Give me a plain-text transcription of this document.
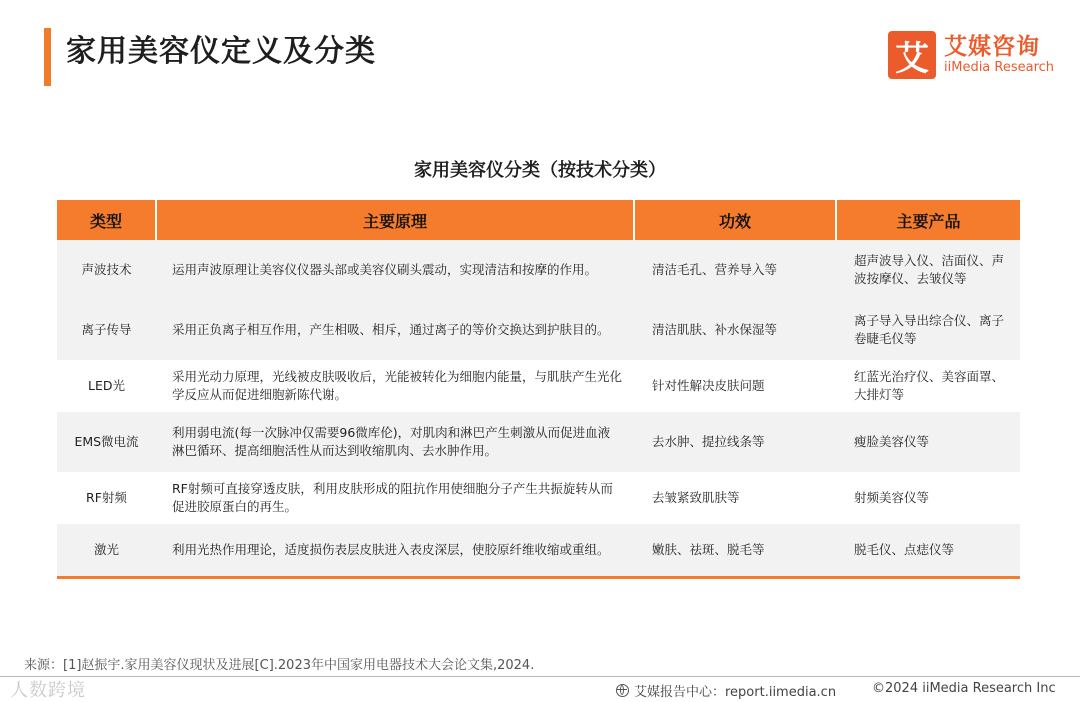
家用美容仪定义及分类	艾 艾媒咨询
iiMedia Research
家用美容仪分类（按技术分类）
类型	主要原理	功效	主要产品
声波技术	运用声波原理让美容仪仪器头部或美容仪刷头震动，实现清洁和按摩的作用。	清洁毛孔、营养导入等	超声波导入仪、洁面仪、声波按摩仪、去皱仪等
离子传导	采用正负离子相互作用，产生相吸、相斥，通过离子的等价交换达到护肤目的。	清洁肌肤、补水保湿等	离子导入导出综合仪、离子卷睫毛仪等
LED光	采用光动力原理，光线被皮肤吸收后，光能被转化为细胞内能量，与肌肤产生光化学反应从而促进细胞新陈代谢。	针对性解决皮肤问题	红蓝光治疗仪、美容面罩、大排灯等
EMS微电流	利用弱电流(每一次脉冲仅需要96微库伦)，对肌肉和淋巴产生刺激从而促进血液淋巴循环、提高细胞活性从而达到收缩肌肉、去水肿作用。	去水肿、提拉线条等	瘦脸美容仪等
RF射频	RF射频可直接穿透皮肤，利用皮肤形成的阻抗作用使细胞分子产生共振旋转从而促进胶原蛋白的再生。	去皱紧致肌肤等	射频美容仪等
激光	利用光热作用理论，适度损伤表层皮肤进入表皮深层，使胶原纤维收缩或重组。	嫩肤、祛斑、脱毛等	脱毛仪、点痣仪等
来源：[1]赵振宇.家用美容仪现状及进展[C].2023年中国家用电器技术大会论文集,2024.
人数跨境	艾媒报告中心：report.iimedia.cn	©2024 iiMedia Research Inc
